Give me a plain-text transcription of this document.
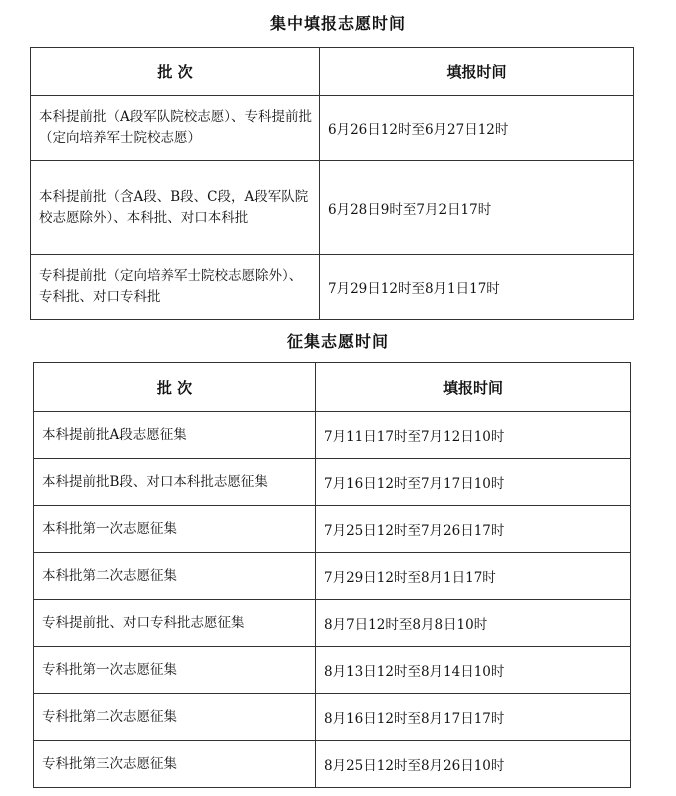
集中填报志愿时间
批 次	填报时间
本科提前批（A段军队院校志愿）、专科提前批（定向培养军士院校志愿）	6月26日12时至6月27日12时
本科提前批（含A段、B段、C段，A段军队院校志愿除外）、本科批、对口本科批	6月28日9时至7月2日17时
专科提前批（定向培养军士院校志愿除外）、专科批、对口专科批	7月29日12时至8月1日17时
征集志愿时间
批 次	填报时间
本科提前批A段志愿征集	7月11日17时至7月12日10时
本科提前批B段、对口本科批志愿征集	7月16日12时至7月17日10时
本科批第一次志愿征集	7月25日12时至7月26日17时
本科批第二次志愿征集	7月29日12时至8月1日17时
专科提前批、对口专科批志愿征集	8月7日12时至8月8日10时
专科批第一次志愿征集	8月13日12时至8月14日10时
专科批第二次志愿征集	8月16日12时至8月17日17时
专科批第三次志愿征集	8月25日12时至8月26日10时
